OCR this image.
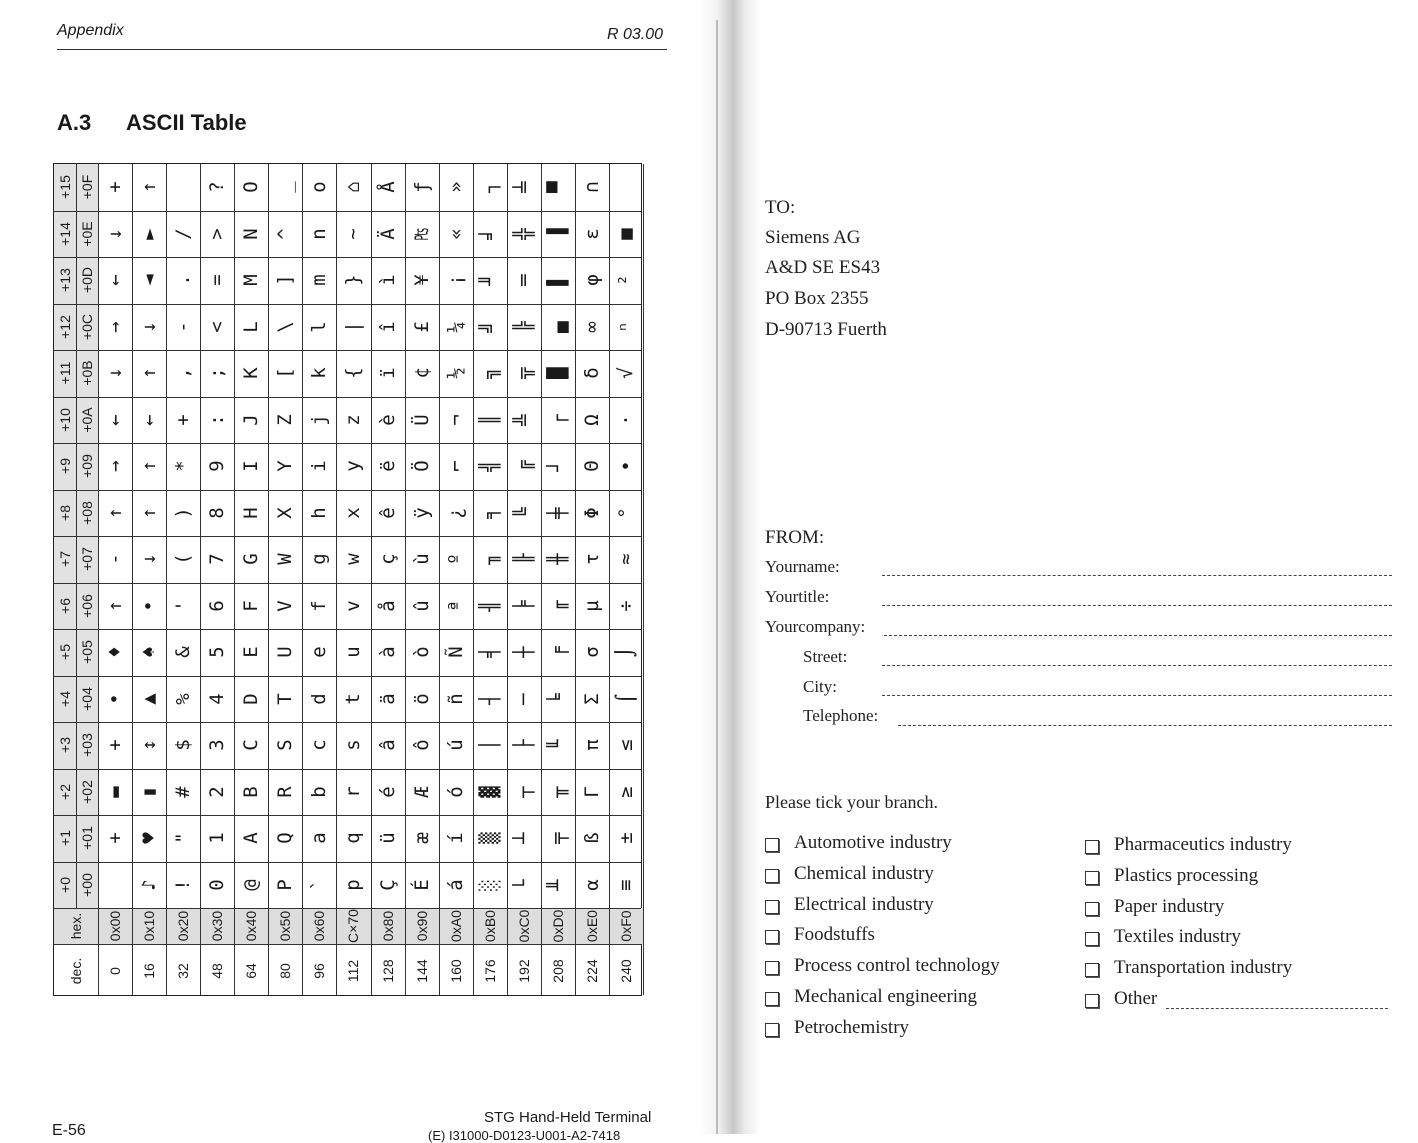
Appendix	R 03.00
A.3 ASCII Table
+15 +0F
+14 +0E
+13 +0D
+12 +0C
+11 +0B
+10 +0A
+9 +09
+8 +08
+7 +07
+6 +06
+5 +05
+4 +04
+3 +03
+2 +02
+1 +01
+0 +00
hex.
dec.
0x00
0
+
↓
←
→
↓
←
→
↑
-
↑
♦
•
+
▬
+
0x10
16
↑
►
◄
↓
↑
←
↑
↑
↓
•
♠
▲
↕
▮
♥
♪
0x20
32
/
.
-
,
+
*
)
(
'
&
%
$
#
"
!
0x30
48
?
>
=
<
;
:
9
8
7
6
5
4
3
2
1
0
0x40
64
O
N
M
L
K
J
I
H
G
F
E
D
C
B
A
@
0x50
80
_
^
]
\
[
Z
Y
X
W
V
U
T
S
R
Q
P
0x60
96
o
n
m
l
k
j
i
h
g
f
e
d
c
b
a
`
C×70
112
⌂
~
}
|
{
z
y
x
w
v
u
t
s
r
q
p
0x80
128
Å
Ä
ì
î
ï
è
ë
ê
ç
å
à
ä
â
é
ü
Ç
0x90
144
ƒ
₧
¥
£
¢
Ü
Ö
ÿ
ù
û
ò
ö
ô
Æ
æ
É
0xA0
160
»
«
¡
¼
½
¬
⌐
¿
º
ª
Ñ
ñ
ú
ó
í
á
0xB0
176
┐
╛
╜
╝
╗
║
╣
╕
╖
╢
╡
┤
│
▓
▒
░
0xC0
192
╧
╬
═
╠
╦
╩
╔
╚
╟
╞
┼
─
├
┬
┴
└
0xD0
208
▀
▐
▌
▄
█
┌
┘
╪
╫
╓
╒
╘
╙
╥
╤
╨
0xE0
224
∩
ε
φ
∞
δ
Ω
Θ
Φ
τ
µ
σ
Σ
π
Γ
ß
α
0xF0
240
■
²
ⁿ
√
·
∙
°
≈
÷
⌡
⌠
≤
≥
±
≡
STG Hand-Held Terminal
(E) I31000-D0123-U001-A2-7418
E-56
TO:
Siemens AG
A&D SE ES43
PO Box 2355
D-90713 Fuerth
FROM:
Yourname:
Yourtitle:
Yourcompany:
Street:
City:
Telephone:
Please tick your branch.
Automotive industry
Chemical industry
Electrical industry
Foodstuffs
Process control technology
Mechanical engineering
Petrochemistry
Pharmaceutics industry
Plastics processing
Paper industry
Textiles industry
Transportation industry
Other
